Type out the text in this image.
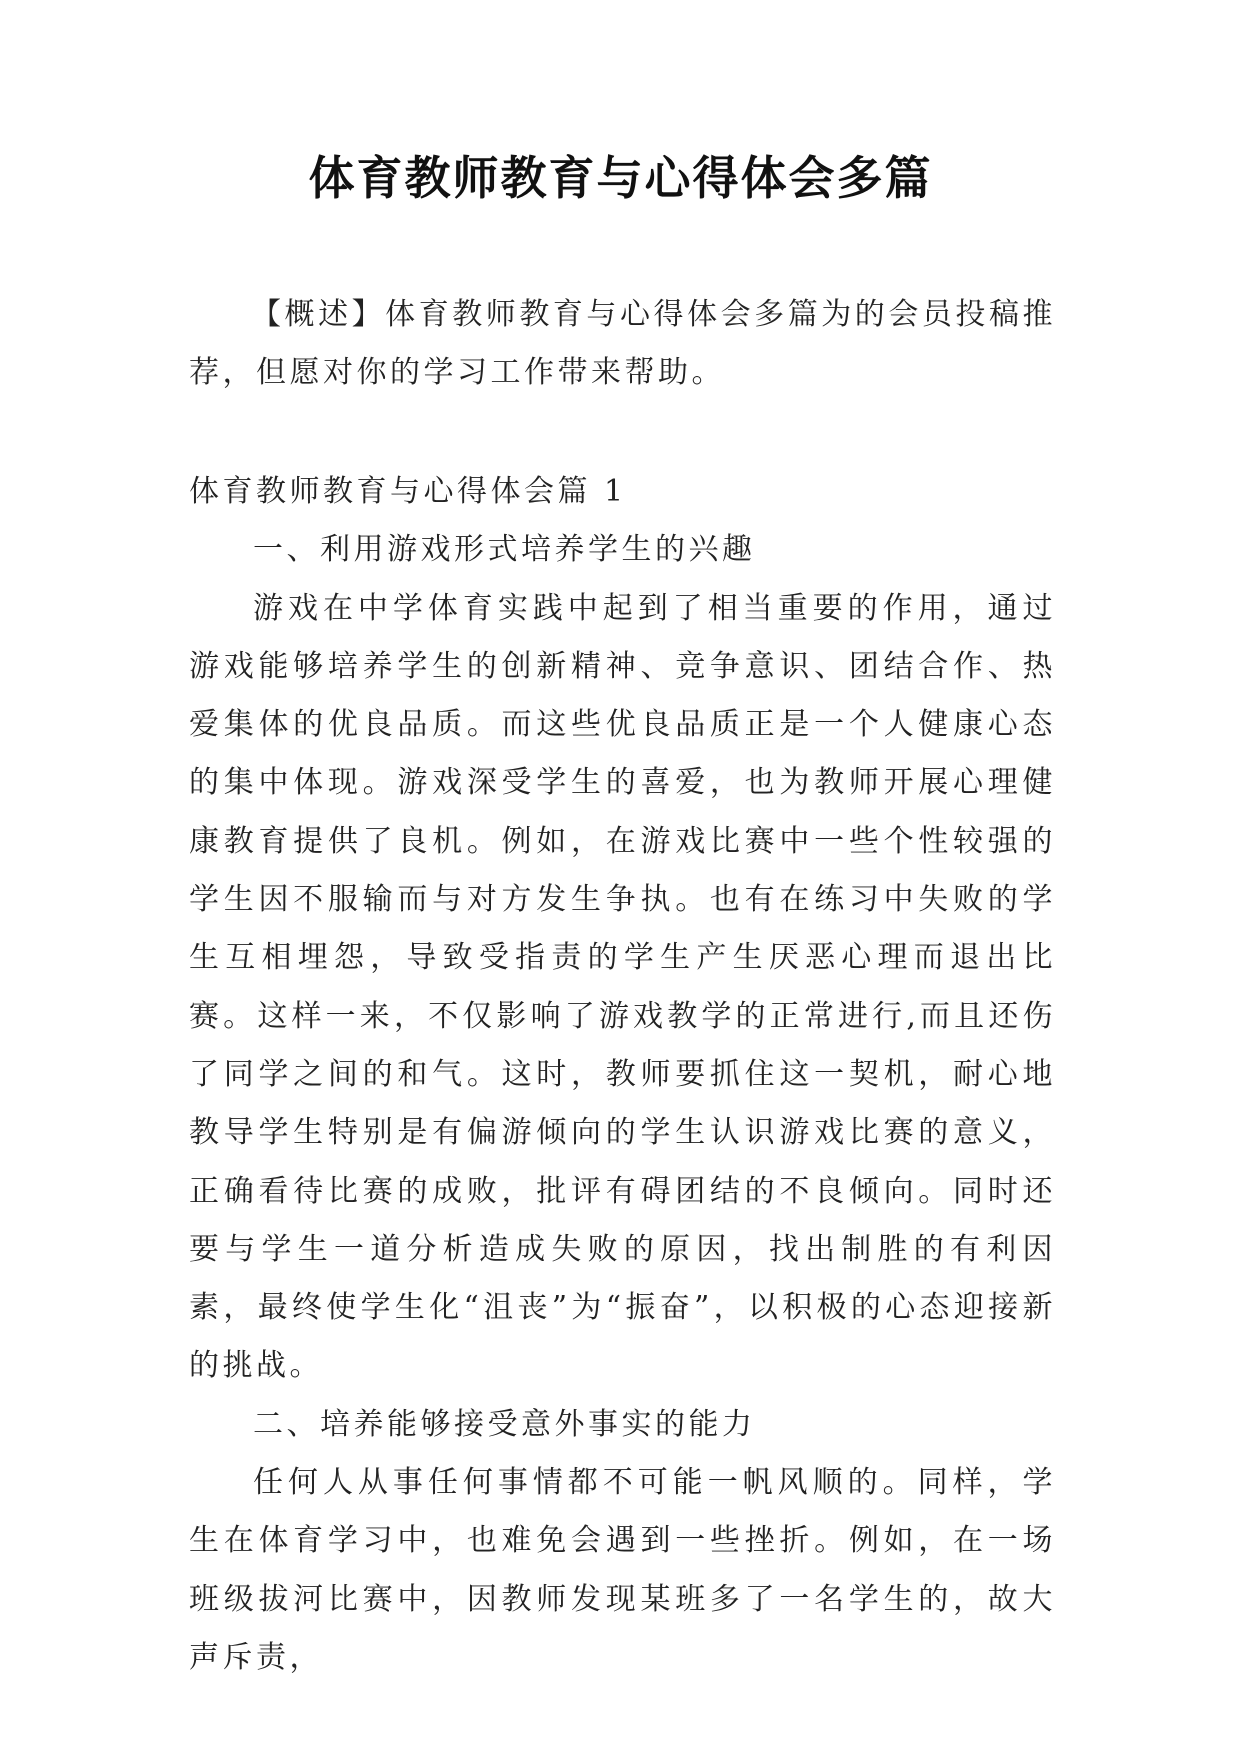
体育教师教育与心得体会多篇

【概述】体育教师教育与心得体会多篇为的会员投稿推荐，但愿对你的学习工作带来帮助。

体育教师教育与心得体会篇 1

一、利用游戏形式培养学生的兴趣

游戏在中学体育实践中起到了相当重要的作用，通过游戏能够培养学生的创新精神、竞争意识、团结合作、热爱集体的优良品质。而这些优良品质正是一个人健康心态的集中体现。游戏深受学生的喜爱，也为教师开展心理健康教育提供了良机。例如，在游戏比赛中一些个性较强的学生因不服输而与对方发生争执。也有在练习中失败的学生互相埋怨，导致受指责的学生产生厌恶心理而退出比赛。这样一来，不仅影响了游戏教学的正常进行,而且还伤了同学之间的和气。这时，教师要抓住这一契机，耐心地教导学生特别是有偏游倾向的学生认识游戏比赛的意义，正确看待比赛的成败，批评有碍团结的不良倾向。同时还要与学生一道分析造成失败的原因，找出制胜的有利因素，最终使学生化“沮丧”为“振奋”，以积极的心态迎接新的挑战。

二、培养能够接受意外事实的能力

任何人从事任何事情都不可能一帆风顺的。同样，学生在体育学习中，也难免会遇到一些挫折。例如，在一场班级拔河比赛中，因教师发现某班多了一名学生的，故大声斥责，
